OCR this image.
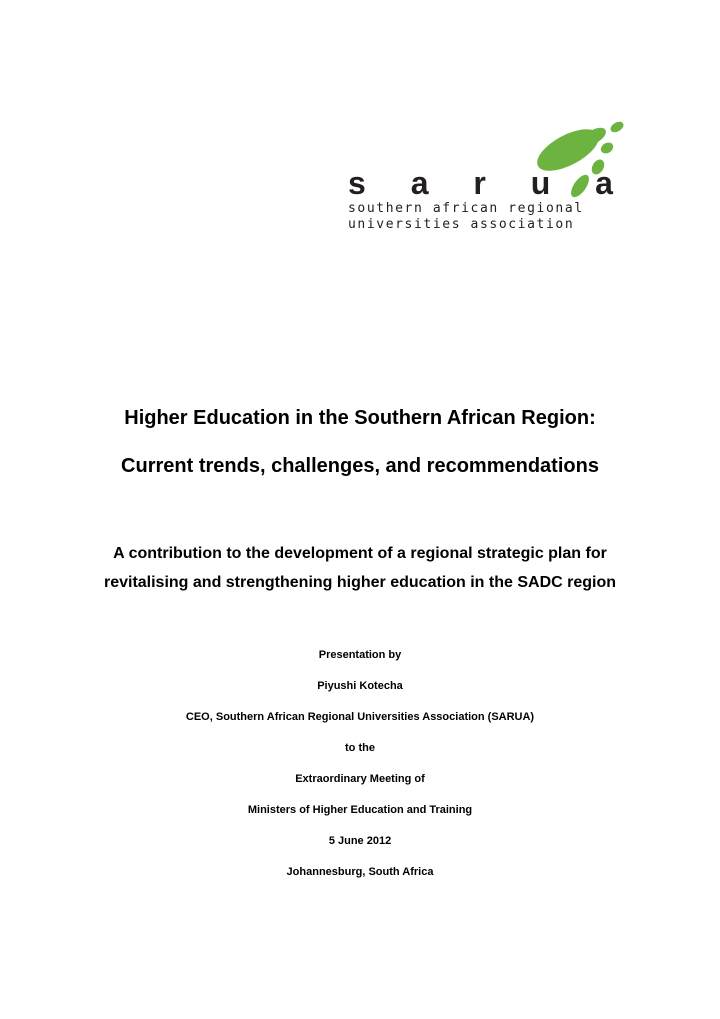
s a r u a
southern african regional
universities association
Higher Education in the Southern African Region:
Current trends, challenges, and recommendations
A contribution to the development of a regional strategic plan for
revitalising and strengthening higher education in the SADC region
Presentation by
Piyushi Kotecha
CEO, Southern African Regional Universities Association (SARUA)
to the
Extraordinary Meeting of
Ministers of Higher Education and Training
5 June 2012
Johannesburg, South Africa
